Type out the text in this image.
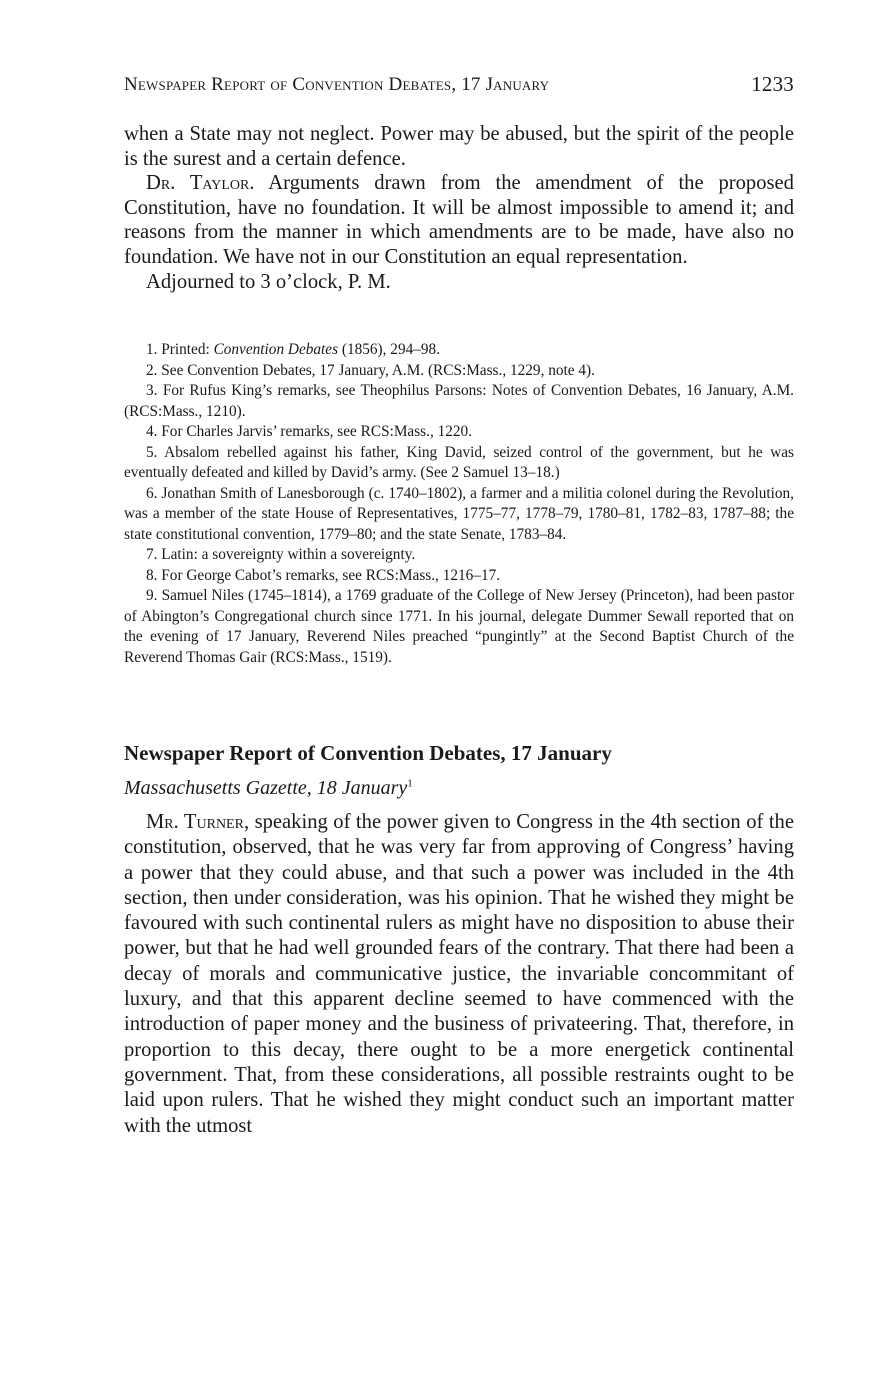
Newspaper Report of Convention Debates, 17 January	1233

when a State may not neglect. Power may be abused, but the spirit of the people is the surest and a certain defence.

Dr. Taylor. Arguments drawn from the amendment of the proposed Constitution, have no foundation. It will be almost impossible to amend it; and reasons from the manner in which amendments are to be made, have also no foundation. We have not in our Constitution an equal representation.

Adjourned to 3 o’clock, P. M.

1. Printed: Convention Debates (1856), 294–98.

2. See Convention Debates, 17 January, A.M. (RCS:Mass., 1229, note 4).

3. For Rufus King’s remarks, see Theophilus Parsons: Notes of Convention Debates, 16 January, A.M. (RCS:Mass., 1210).

4. For Charles Jarvis’ remarks, see RCS:Mass., 1220.

5. Absalom rebelled against his father, King David, seized control of the government, but he was eventually defeated and killed by David’s army. (See 2 Samuel 13–18.)

6. Jonathan Smith of Lanesborough (c. 1740–1802), a farmer and a militia colonel during the Revolution, was a member of the state House of Representatives, 1775–77, 1778–79, 1780–81, 1782–83, 1787–88; the state constitutional convention, 1779–80; and the state Senate, 1783–84.

7. Latin: a sovereignty within a sovereignty.

8. For George Cabot’s remarks, see RCS:Mass., 1216–17.

9. Samuel Niles (1745–1814), a 1769 graduate of the College of New Jersey (Princeton), had been pastor of Abington’s Congregational church since 1771. In his journal, delegate Dummer Sewall reported that on the evening of 17 January, Reverend Niles preached “pungintly” at the Second Baptist Church of the Reverend Thomas Gair (RCS:Mass., 1519).

Newspaper Report of Convention Debates, 17 January
Massachusetts Gazette, 18 January$^1$

Mr. Turner, speaking of the power given to Congress in the 4th section of the constitution, observed, that he was very far from approving of Congress’ having a power that they could abuse, and that such a power was included in the 4th section, then under consideration, was his opinion. That he wished they might be favoured with such continental rulers as might have no disposition to abuse their power, but that he had well grounded fears of the contrary. That there had been a decay of morals and communicative justice, the invariable concommitant of luxury, and that this apparent decline seemed to have commenced with the introduction of paper money and the business of privateering. That, therefore, in proportion to this decay, there ought to be a more energetick continental government. That, from these considerations, all possible restraints ought to be laid upon rulers. That he wished they might conduct such an important matter with the utmost
